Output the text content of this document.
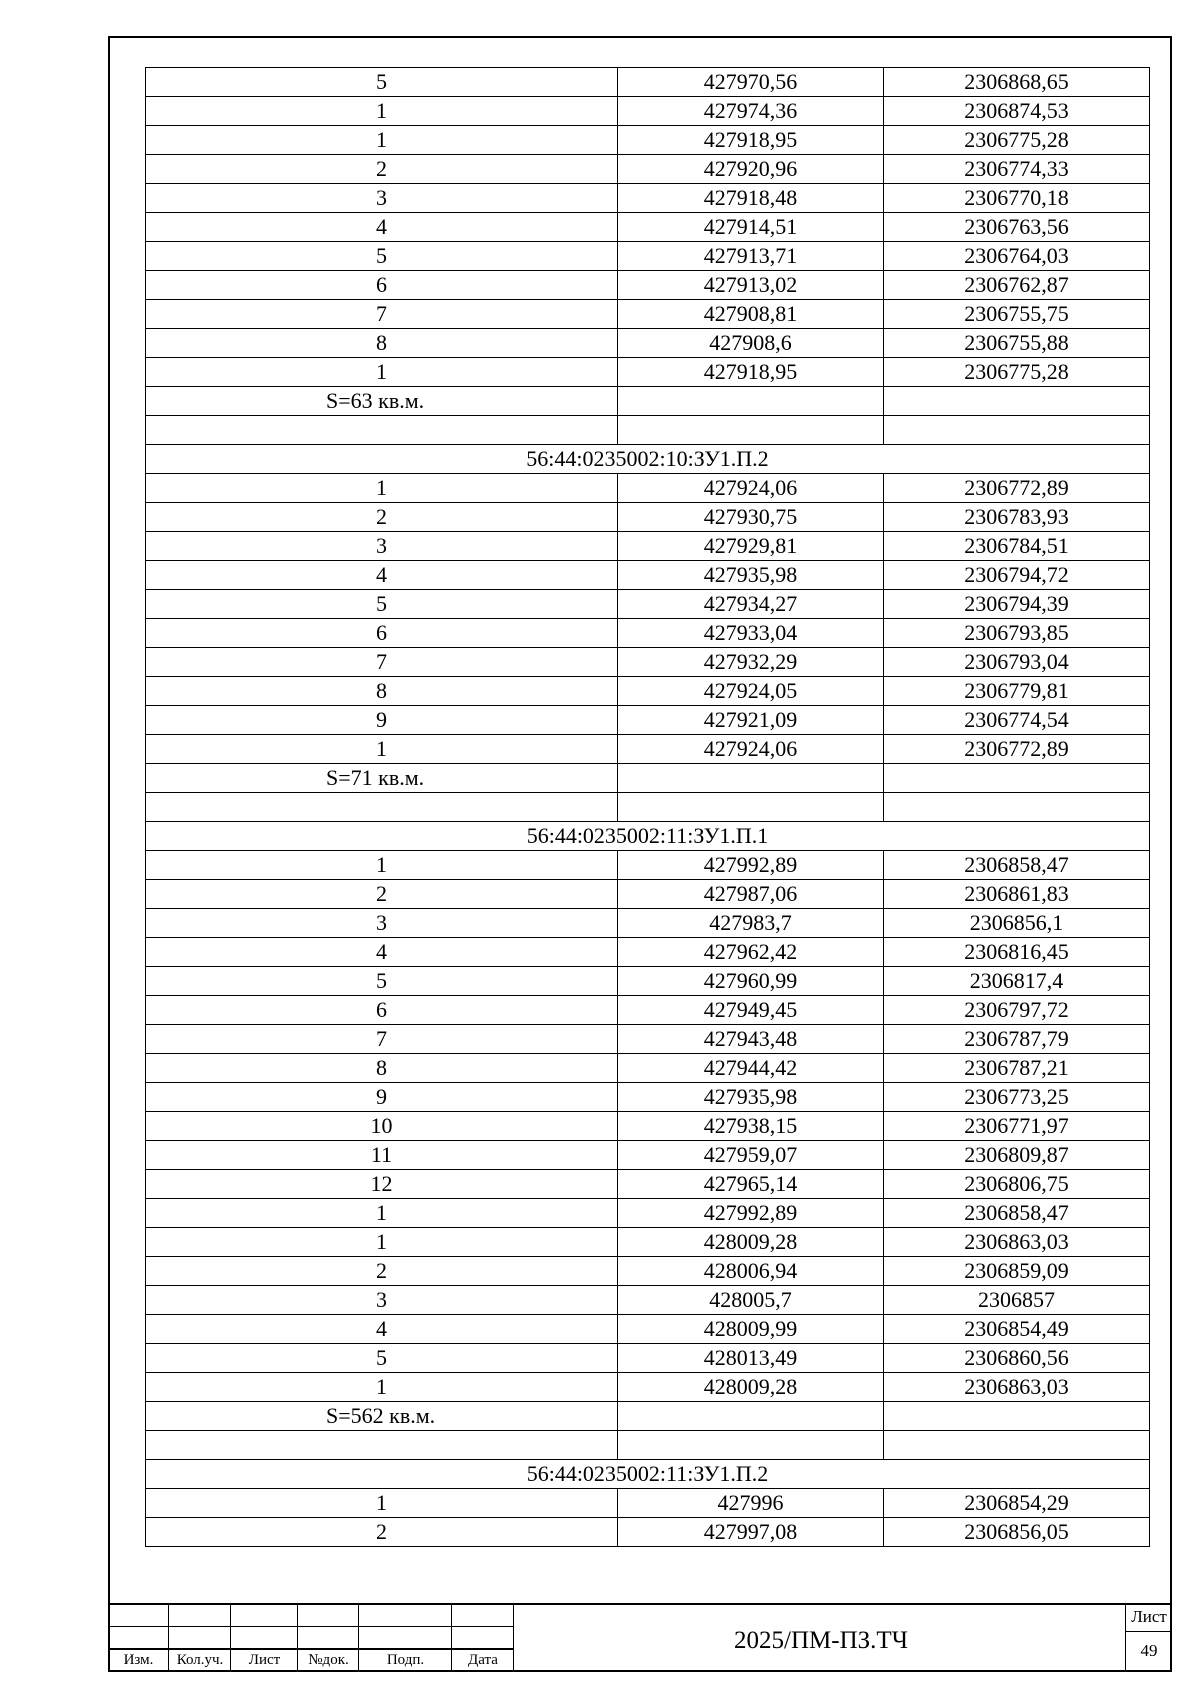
5	427970,56	2306868,65
1	427974,36	2306874,53
1	427918,95	2306775,28
2	427920,96	2306774,33
3	427918,48	2306770,18
4	427914,51	2306763,56
5	427913,71	2306764,03
6	427913,02	2306762,87
7	427908,81	2306755,75
8	427908,6	2306755,88
1	427918,95	2306775,28
S=63 кв.м.		

56:44:0235002:10:ЗУ1.П.2		
1	427924,06	2306772,89
2	427930,75	2306783,93
3	427929,81	2306784,51
4	427935,98	2306794,72
5	427934,27	2306794,39
6	427933,04	2306793,85
7	427932,29	2306793,04
8	427924,05	2306779,81
9	427921,09	2306774,54
1	427924,06	2306772,89
S=71 кв.м.		

56:44:0235002:11:ЗУ1.П.1		
1	427992,89	2306858,47
2	427987,06	2306861,83
3	427983,7	2306856,1
4	427962,42	2306816,45
5	427960,99	2306817,4
6	427949,45	2306797,72
7	427943,48	2306787,79
8	427944,42	2306787,21
9	427935,98	2306773,25
10	427938,15	2306771,97
11	427959,07	2306809,87
12	427965,14	2306806,75
1	427992,89	2306858,47
1	428009,28	2306863,03
2	428006,94	2306859,09
3	428005,7	2306857
4	428009,99	2306854,49
5	428013,49	2306860,56
1	428009,28	2306863,03
S=562 кв.м.		

56:44:0235002:11:ЗУ1.П.2		
1	427996	2306854,29
2	427997,08	2306856,05
Изм.	Кол.уч.	Лист	№док.	Подп.	Дата
2025/ПМ-ПЗ.ТЧ
Лист
49
